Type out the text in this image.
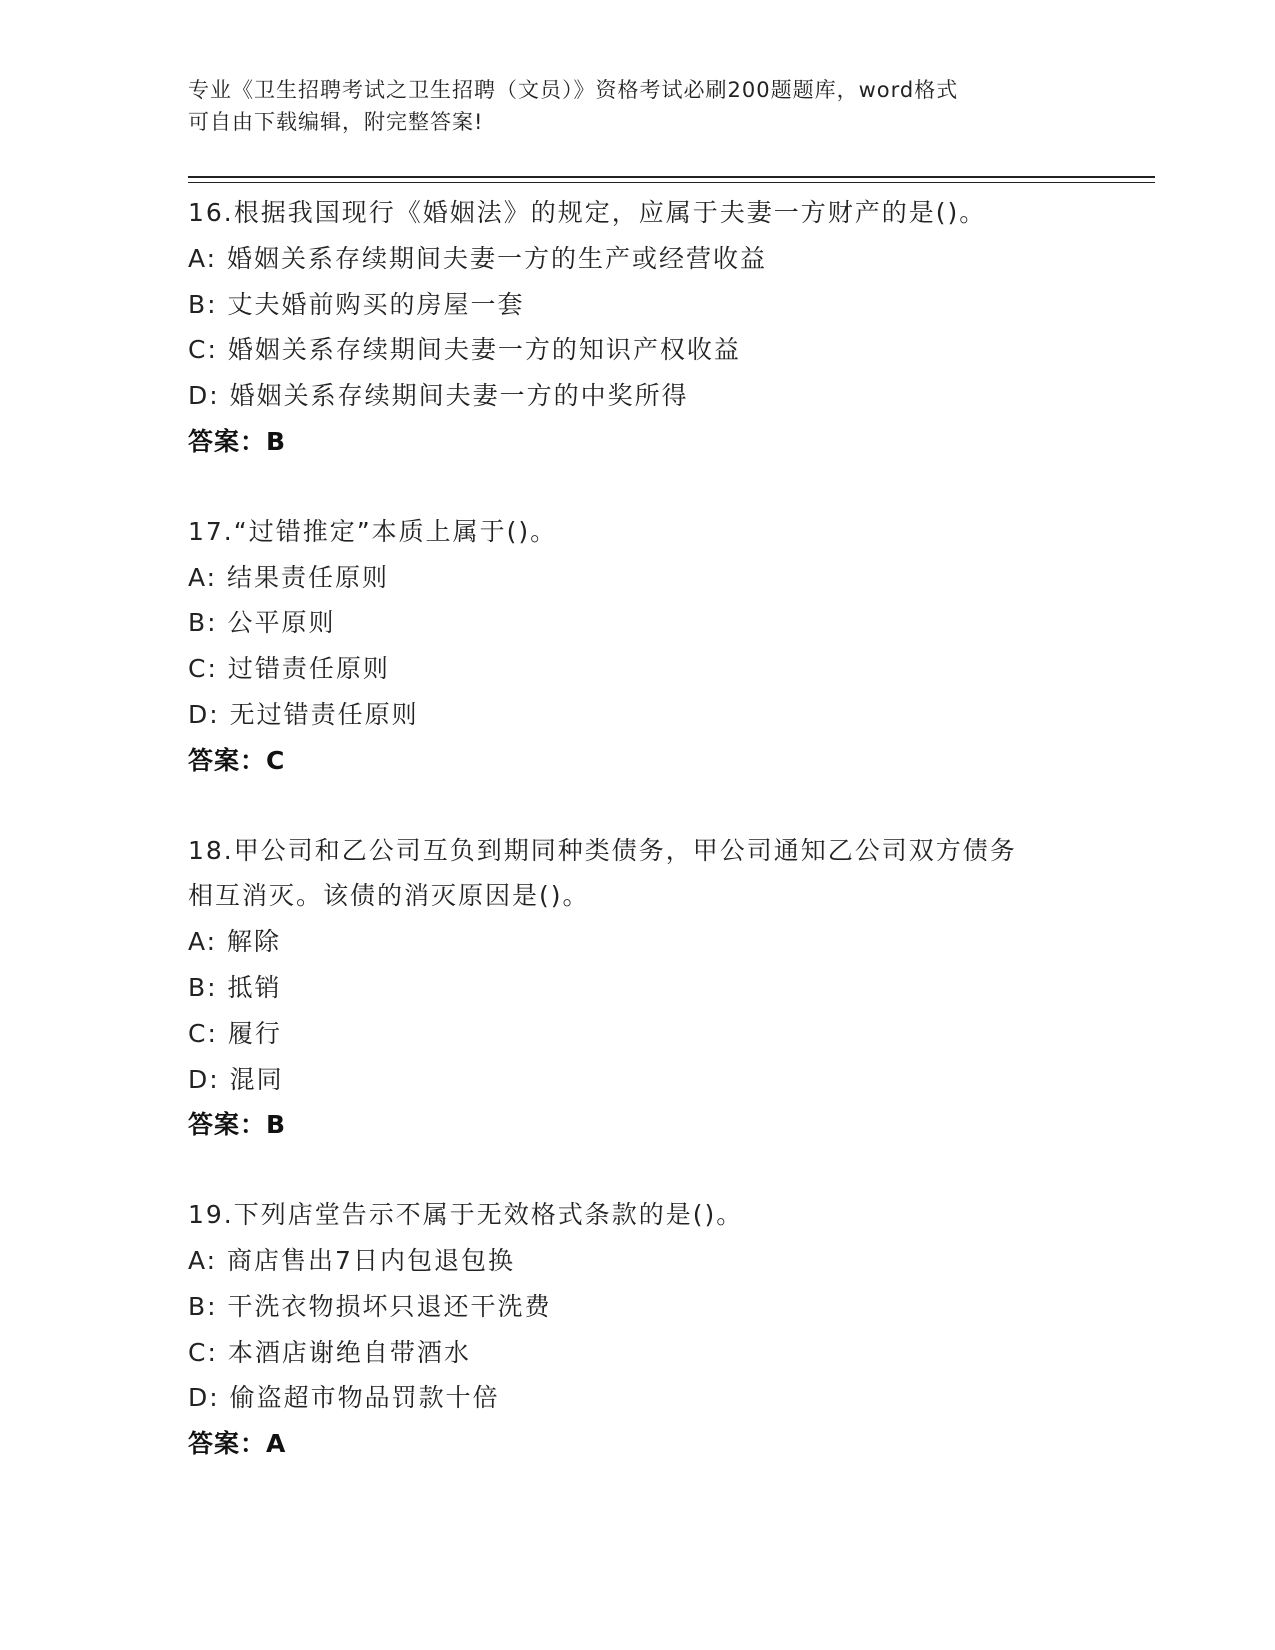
专业《卫生招聘考试之卫生招聘（文员）》资格考试必刷200题题库，word格式
可自由下载编辑，附完整答案!
16.根据我国现行《婚姻法》的规定，应属于夫妻一方财产的是()。
A: 婚姻关系存续期间夫妻一方的生产或经营收益
B: 丈夫婚前购买的房屋一套
C: 婚姻关系存续期间夫妻一方的知识产权收益
D: 婚姻关系存续期间夫妻一方的中奖所得
答案：B
17.“过错推定”本质上属于()。
A: 结果责任原则
B: 公平原则
C: 过错责任原则
D: 无过错责任原则
答案：C
18.甲公司和乙公司互负到期同种类债务，甲公司通知乙公司双方债务
相互消灭。该债的消灭原因是()。
A: 解除
B: 抵销
C: 履行
D: 混同
答案：B
19.下列店堂告示不属于无效格式条款的是()。
A: 商店售出7日内包退包换
B: 干洗衣物损坏只退还干洗费
C: 本酒店谢绝自带酒水
D: 偷盗超市物品罚款十倍
答案：A
